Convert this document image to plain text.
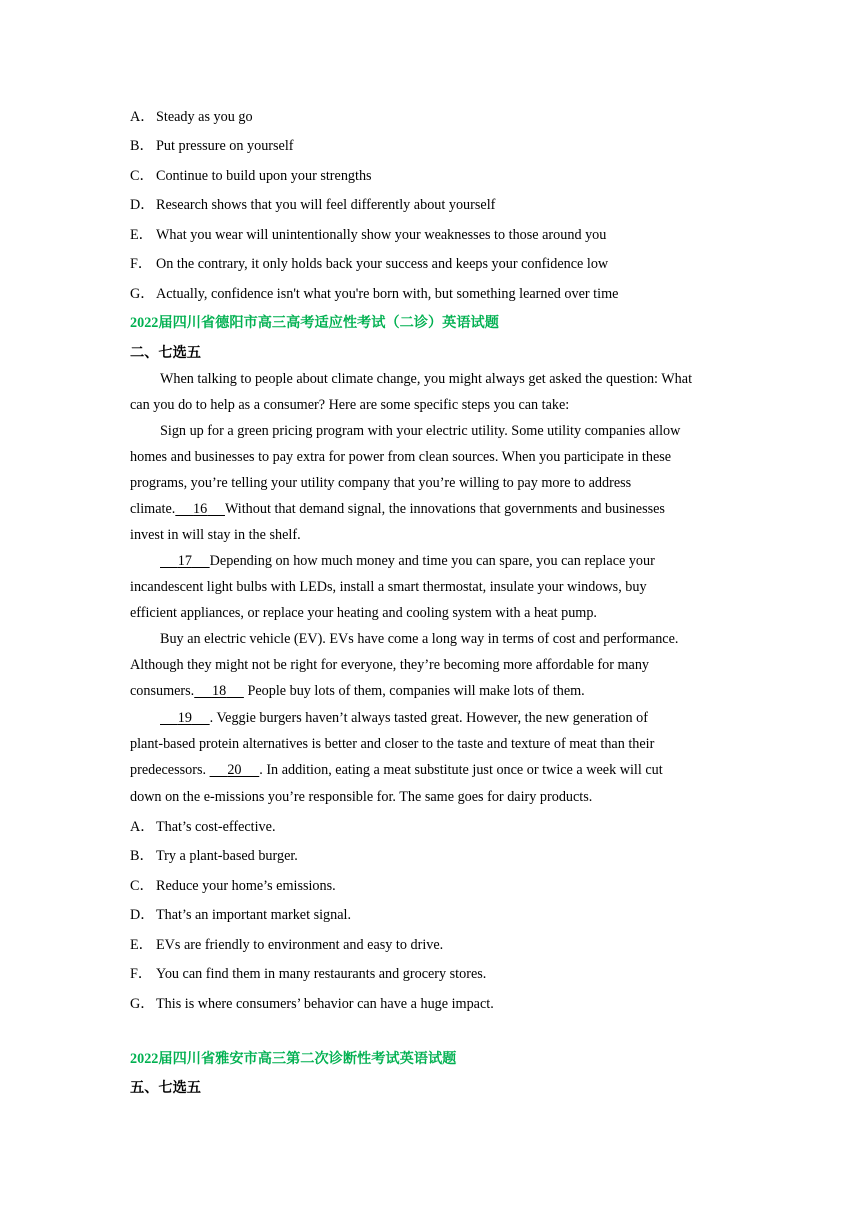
A． Steady as you go
B． Put pressure on yourself
C． Continue to build upon your strengths
D． Research shows that you will feel differently about yourself
E． What you wear will unintentionally show your weaknesses to those around you
F． On the contrary, it only holds back your success and keeps your confidence low
G． Actually, confidence isn't what you're born with, but something learned over time
2022届四川省德阳市高三高考适应性考试（二诊）英语试题
二、七选五
When talking to people about climate change, you might always get asked the question: What
can you do to help as a consumer? Here are some specific steps you can take:
Sign up for a green pricing program with your electric utility. Some utility companies allow
homes and businesses to pay extra for power from clean sources. When you participate in these
programs, you’re telling your utility company that you’re willing to pay more to address
climate. 16 Without that demand signal, the innovations that governments and businesses
invest in will stay in the shelf.
17 Depending on how much money and time you can spare, you can replace your
incandescent light bulbs with LEDs, install a smart thermostat, insulate your windows, buy
efficient appliances, or replace your heating and cooling system with a heat pump.
Buy an electric vehicle (EV). EVs have come a long way in terms of cost and performance.
Although they might not be right for everyone, they’re becoming more affordable for many
consumers. 18      People buy lots of them, companies will make lots of them.
19 . Veggie burgers haven’t always tasted great. However, the new generation of
plant-based protein alternatives is better and closer to the taste and texture of meat than their
predecessors.      20 . In addition, eating a meat substitute just once or twice a week will cut
down on the e-missions you’re responsible for. The same goes for dairy products.
A． That’s cost-effective.
B． Try a plant-based burger.
C． Reduce your home’s emissions.
D． That’s an important market signal.
E． EVs are friendly to environment and easy to drive.
F． You can find them in many restaurants and grocery stores.
G． This is where consumers’ behavior can have a huge impact.
2022届四川省雅安市高三第二次诊断性考试英语试题
五、七选五
